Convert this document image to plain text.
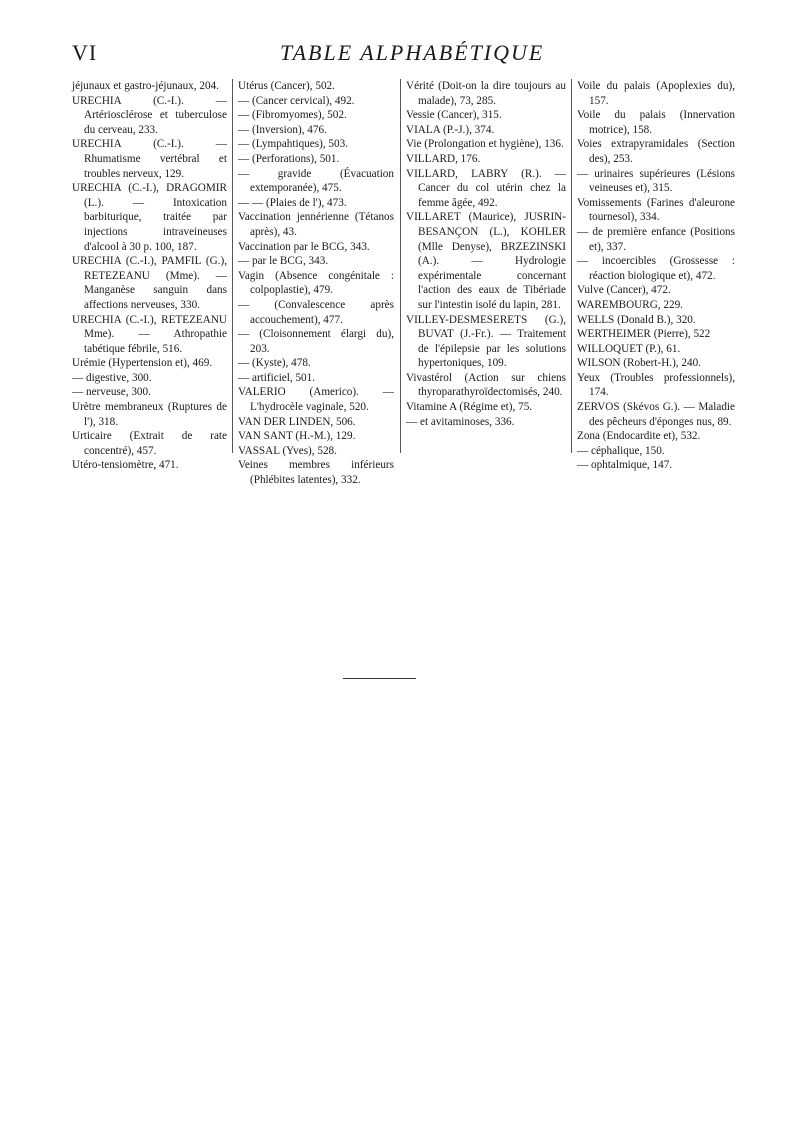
VI	TABLE ALPHABÉTIQUE

jéjunaux et gastro-jéjunaux, 204.

URECHIA (C.-I.). — Artériosclérose et tuberculose du cerveau, 233.

URECHIA (C.-I.). — Rhumatisme vertébral et troubles nerveux, 129.

URECHIA (C.-I.), DRAGOMIR (L.). — Intoxication barbiturique, traitée par injections intraveineuses d'alcool à 30 p. 100, 187.

URECHIA (C.-I.), PAMFIL (G.), RETEZEANU (Mme). — Manganèse sanguin dans affections nerveuses, 330.

URECHIA (C.-I.), RETEZEANU Mme). — Athropathie tabétique fébrile, 516.

Urémie (Hypertension et), 469.

— digestive, 300.

— nerveuse, 300.

Urètre membraneux (Ruptures de l'), 318.

Urticaire (Extrait de rate concentré), 457.

Utéro-tensiomètre, 471.

Utérus (Cancer), 502.

— (Cancer cervical), 492.

— (Fibromyomes), 502.

— (Inversion), 476.

— (Lympahtiques), 503.

— (Perforations), 501.

— gravide (Évacuation extemporanée), 475.

— — (Plaies de l'), 473.

Vaccination jennérienne (Tétanos après), 43.

Vaccination par le BCG, 343.

— par le BCG, 343.

Vagin (Absence congénitale : colpoplastie), 479.

— (Convalescence après accouchement), 477.

— (Cloisonnement élargi du), 203.

— (Kyste), 478.

— artificiel, 501.

VALERIO (Americo). — L'hydrocèle vaginale, 520.

VAN DER LINDEN, 506.

VAN SANT (H.-M.), 129.

VASSAL (Yves), 528.

Veines membres inférieurs (Phlébites latentes), 332.

Vérité (Doit-on la dire toujours au malade), 73, 285.

Vessie (Cancer), 315.

VIALA (P.-J.), 374.

Vie (Prolongation et hygiène), 136.

VILLARD, 176.

VILLARD, LABRY (R.). — Cancer du col utérin chez la femme âgée, 492.

VILLARET (Maurice), JUSRIN-BESANÇON (L.), KOHLER (Mlle Denyse), BRZEZINSKI (A.). — Hydrologie expérimentale concernant l'action des eaux de Tibériade sur l'intestin isolé du lapin, 281.

VILLEY-DESMESERETS (G.), BUVAT (J.-Fr.). — Traitement de l'épilepsie par les solutions hypertoniques, 109.

Vivastérol (Action sur chiens thyroparathyroïdectomisés, 240.

Vitamine A (Régime et), 75.

— et avitaminoses, 336.

Voile du palais (Apoplexies du), 157.

Voile du palais (Innervation motrice), 158.

Voies extrapyramidales (Section des), 253.

— urinaires supérieures (Lésions veineuses et), 315.

Vomissements (Farines d'aleurone tournesol), 334.

— de première enfance (Positions et), 337.

— incoercibles (Grossesse : réaction biologique et), 472.

Vulve (Cancer), 472.

WAREMBOURG, 229.

WELLS (Donald B.), 320.

WERTHEIMER (Pierre), 522

WILLOQUET (P.), 61.

WILSON (Robert-H.), 240.

Yeux (Troubles professionnels), 174.

ZERVOS (Skévos G.). — Maladie des pêcheurs d'éponges nus, 89.

Zona (Endocardite et), 532.

— céphalique, 150.

— ophtalmique, 147.
